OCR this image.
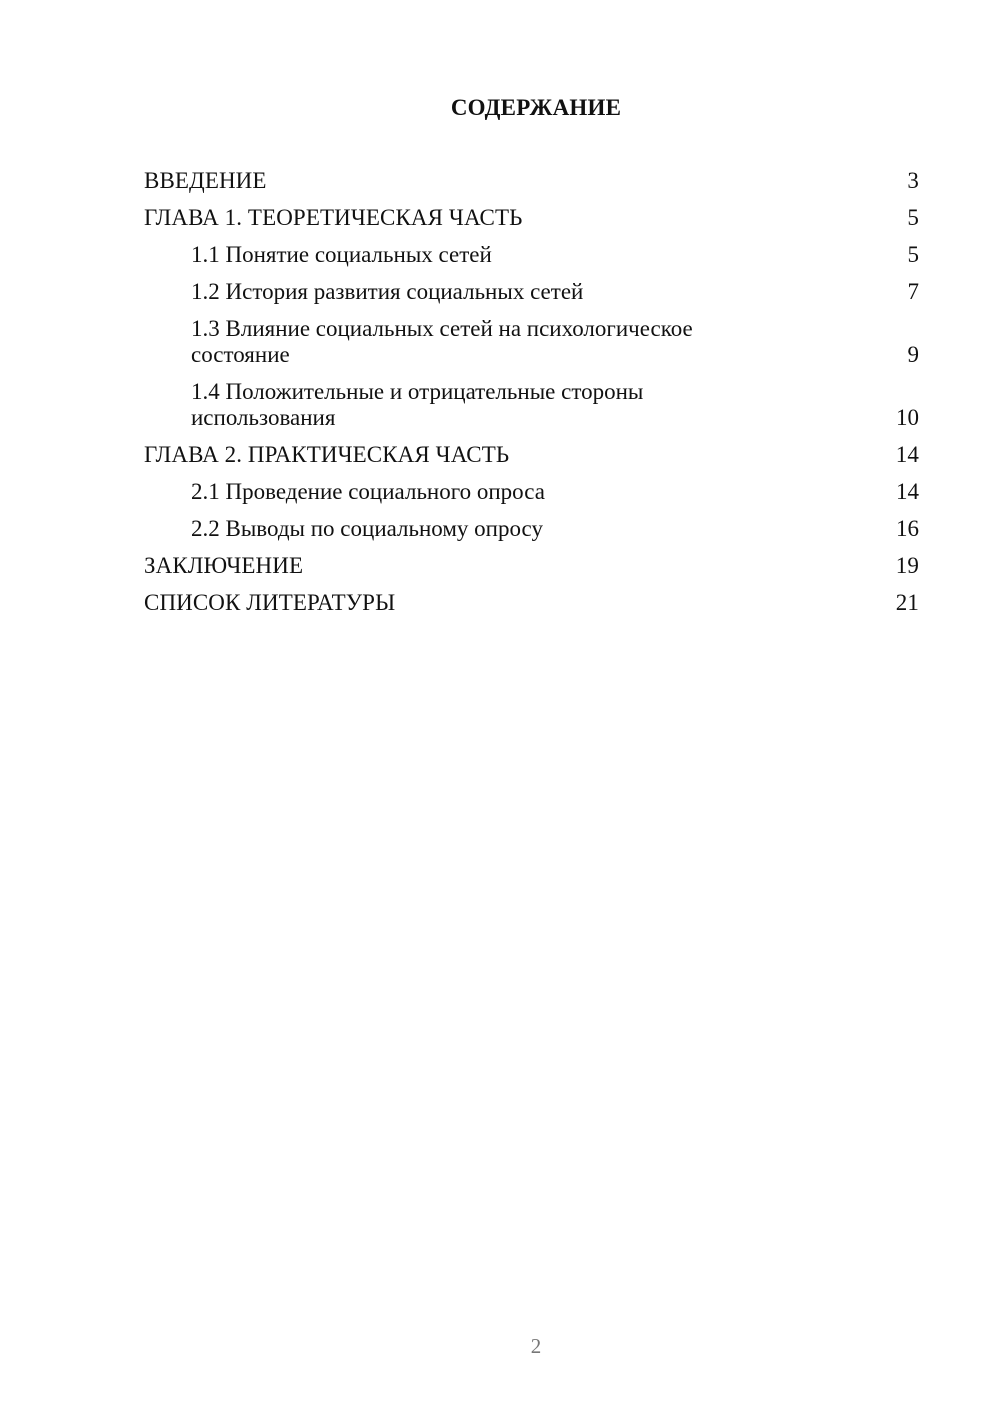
СОДЕРЖАНИЕ
ВВЕДЕНИЕ	3
ГЛАВА 1. ТЕОРЕТИЧЕСКАЯ ЧАСТЬ	5
1.1 Понятие социальных сетей	5
1.2 История развития социальных сетей	7
1.3 Влияние социальных сетей на психологическое состояние	9
1.4 Положительные и отрицательные стороны использования	10
ГЛАВА 2. ПРАКТИЧЕСКАЯ ЧАСТЬ	14
2.1 Проведение социального опроса	14
2.2 Выводы по социальному опросу	16
ЗАКЛЮЧЕНИЕ	19
СПИСОК ЛИТЕРАТУРЫ	21
2
